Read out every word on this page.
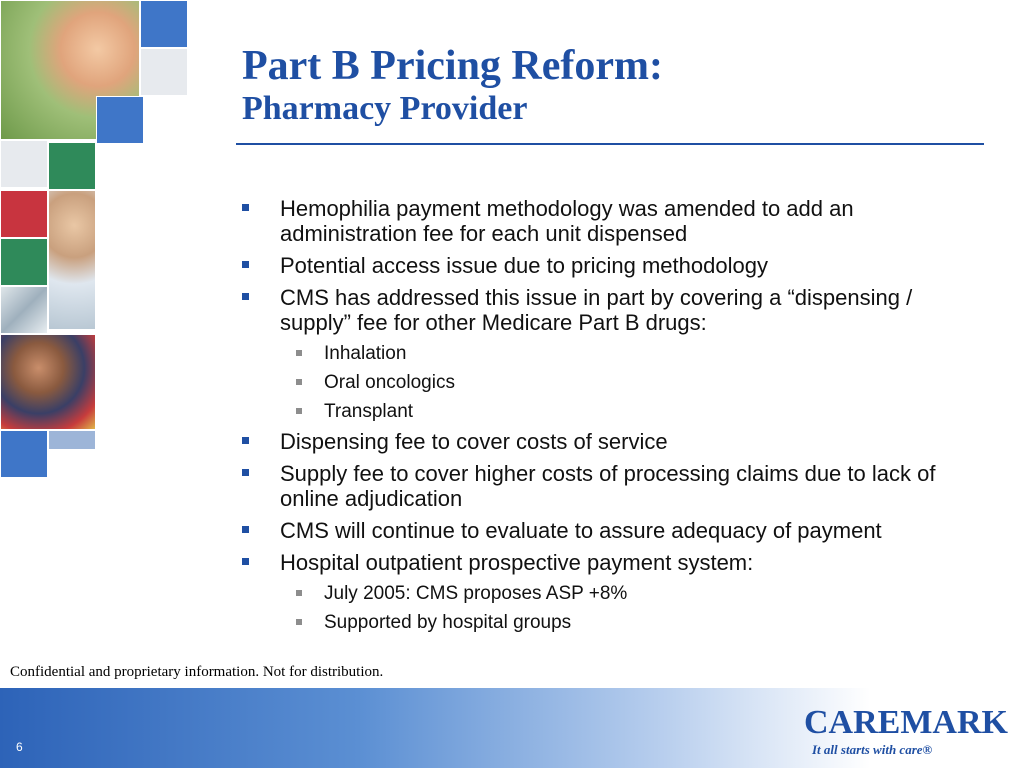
Part B Pricing Reform:

Pharmacy Provider

Hemophilia payment methodology was amended to add an administration fee for each unit dispensed
Potential access issue due to pricing methodology
CMS has addressed this issue in part by covering a “dispensing / supply” fee for other Medicare Part B drugs:
Inhalation
Oral oncologics
Transplant
Dispensing fee to cover costs of service
Supply fee to cover higher costs of processing claims due to lack of online adjudication
CMS will continue to evaluate to assure adequacy of payment
Hospital outpatient prospective payment system:
July 2005: CMS proposes ASP +8%
Supported by hospital groups
Confidential and proprietary information. Not for distribution.
6
CAREMARK
It all starts with care®
